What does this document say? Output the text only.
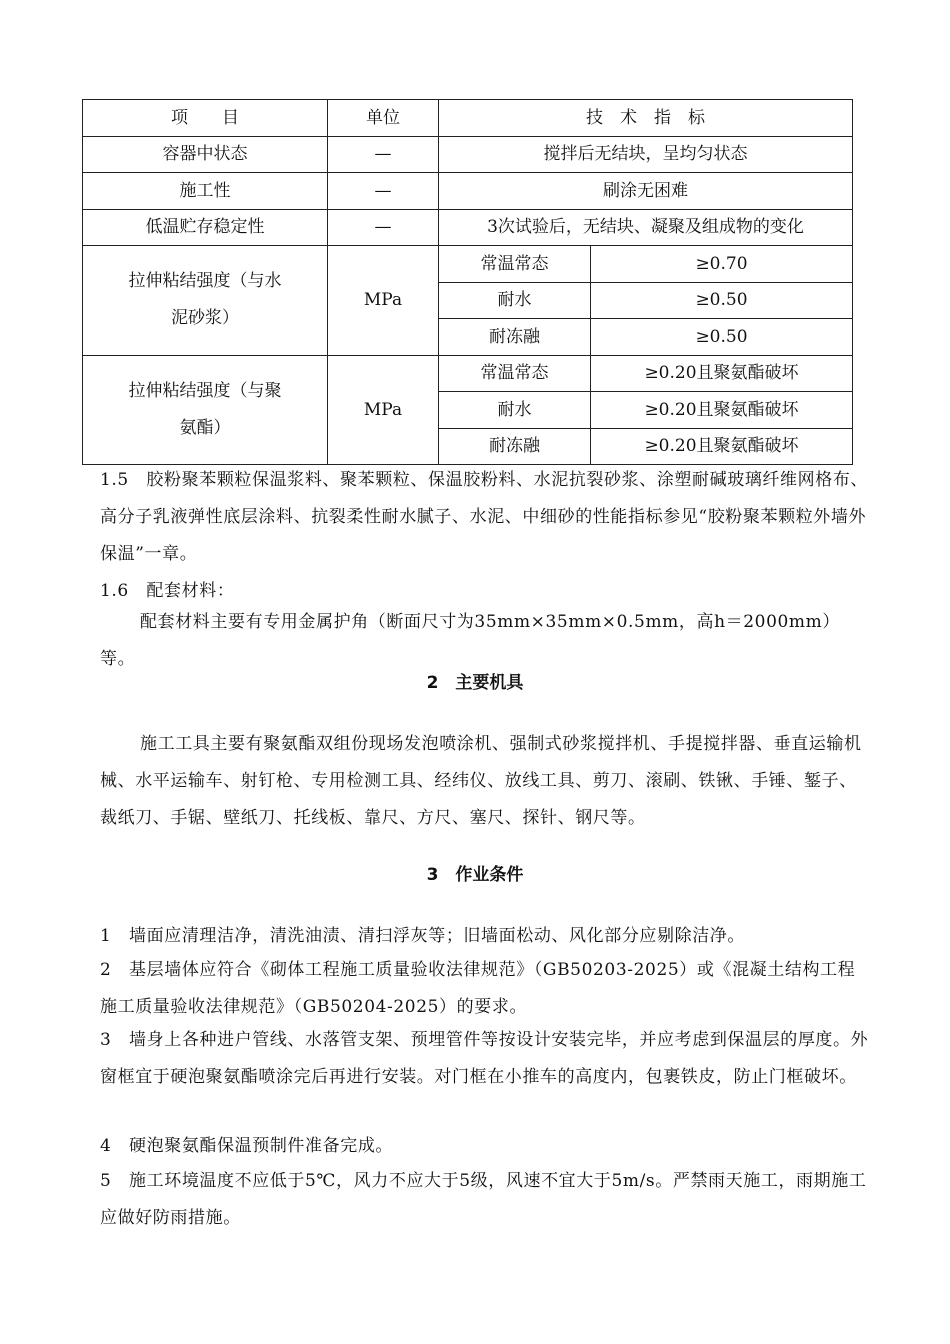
项　　目	单位	技　术　指　标	
容器中状态	—	搅拌后无结块，呈均匀状态	
施工性	—	刷涂无困难	
低温贮存稳定性	—	3次试验后，无结块、凝聚及组成物的变化	
拉伸粘结强度（与水泥砂浆）	MPa	常温常态	≥0.70
		耐水	≥0.50
		耐冻融	≥0.50
拉伸粘结强度（与聚氨酯）	MPa	常温常态	≥0.20且聚氨酯破坏
		耐水	≥0.20且聚氨酯破坏
		耐冻融	≥0.20且聚氨酯破坏

1.5　胶粉聚苯颗粒保温浆料、聚苯颗粒、保温胶粉料、水泥抗裂砂浆、涂塑耐碱玻璃纤维网格布、高分子乳液弹性底层涂料、抗裂柔性耐水腻子、水泥、中细砂的性能指标参见“胶粉聚苯颗粒外墙外保温”一章。

1.6　配套材料：

配套材料主要有专用金属护角（断面尺寸为35mm×35mm×0.5mm，高h＝2000mm）等。

2　主要机具

施工工具主要有聚氨酯双组份现场发泡喷涂机、强制式砂浆搅拌机、手提搅拌器、垂直运输机械、水平运输车、射钉枪、专用检测工具、经纬仪、放线工具、剪刀、滚刷、铁锹、手锤、錾子、裁纸刀、手锯、壁纸刀、托线板、靠尺、方尺、塞尺、探针、钢尺等。

3　作业条件

1　墙面应清理洁净，清洗油渍、清扫浮灰等；旧墙面松动、风化部分应剔除洁净。

2　基层墙体应符合《砌体工程施工质量验收法律规范》（GB50203-2025）或《混凝土结构工程施工质量验收法律规范》（GB50204-2025）的要求。

3　墙身上各种进户管线、水落管支架、预埋管件等按设计安装完毕，并应考虑到保温层的厚度。外窗框宜于硬泡聚氨酯喷涂完后再进行安装。对门框在小推车的高度内，包裹铁皮，防止门框破坏。

4　硬泡聚氨酯保温预制件准备完成。

5　施工环境温度不应低于5℃，风力不应大于5级，风速不宜大于5m/s。严禁雨天施工，雨期施工应做好防雨措施。
